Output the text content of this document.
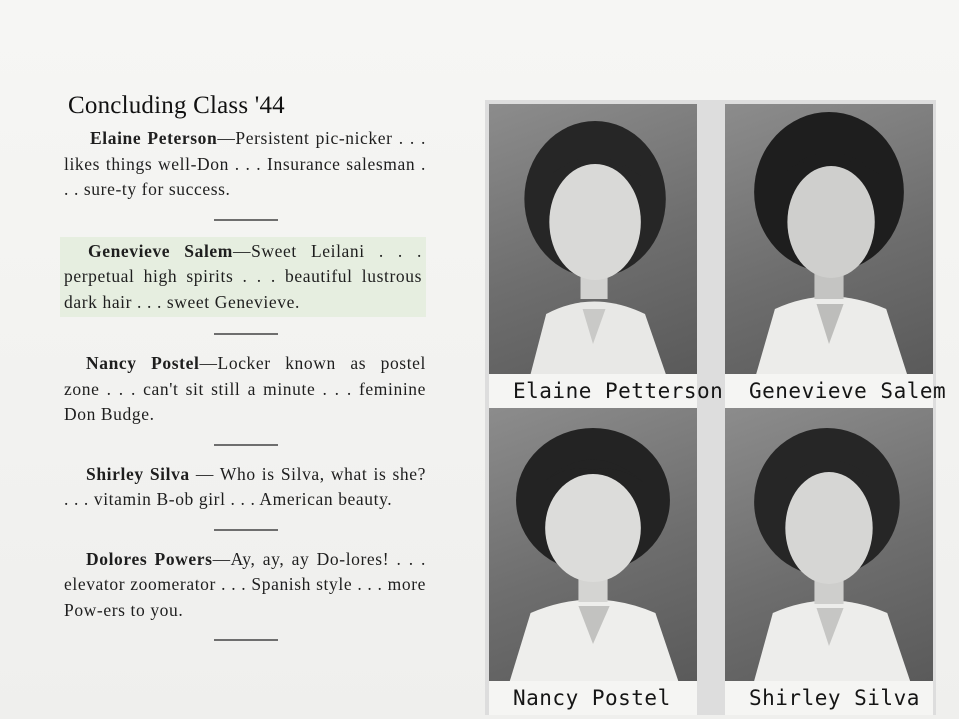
Concluding Class '44

Elaine Peterson—Persistent pic-nicker . . . likes things well-Don . . . Insurance salesman . . . sure-ty for success.

Genevieve Salem—Sweet Leilani . . . perpetual high spirits . . . beautiful lustrous dark hair . . . sweet Genevieve.

Nancy Postel—Locker known as postel zone . . . can't sit still a minute . . . feminine Don Budge.

Shirley Silva — Who is Silva, what is she? . . . vitamin B-ob girl . . . American beauty.

Dolores Powers—Ay, ay, ay Do-lores! . . . elevator zoomerator . . . Spanish style . . . more Pow-ers to you.

Elaine Petterson	Genevieve Salem
Nancy Postel	Shirley Silva
